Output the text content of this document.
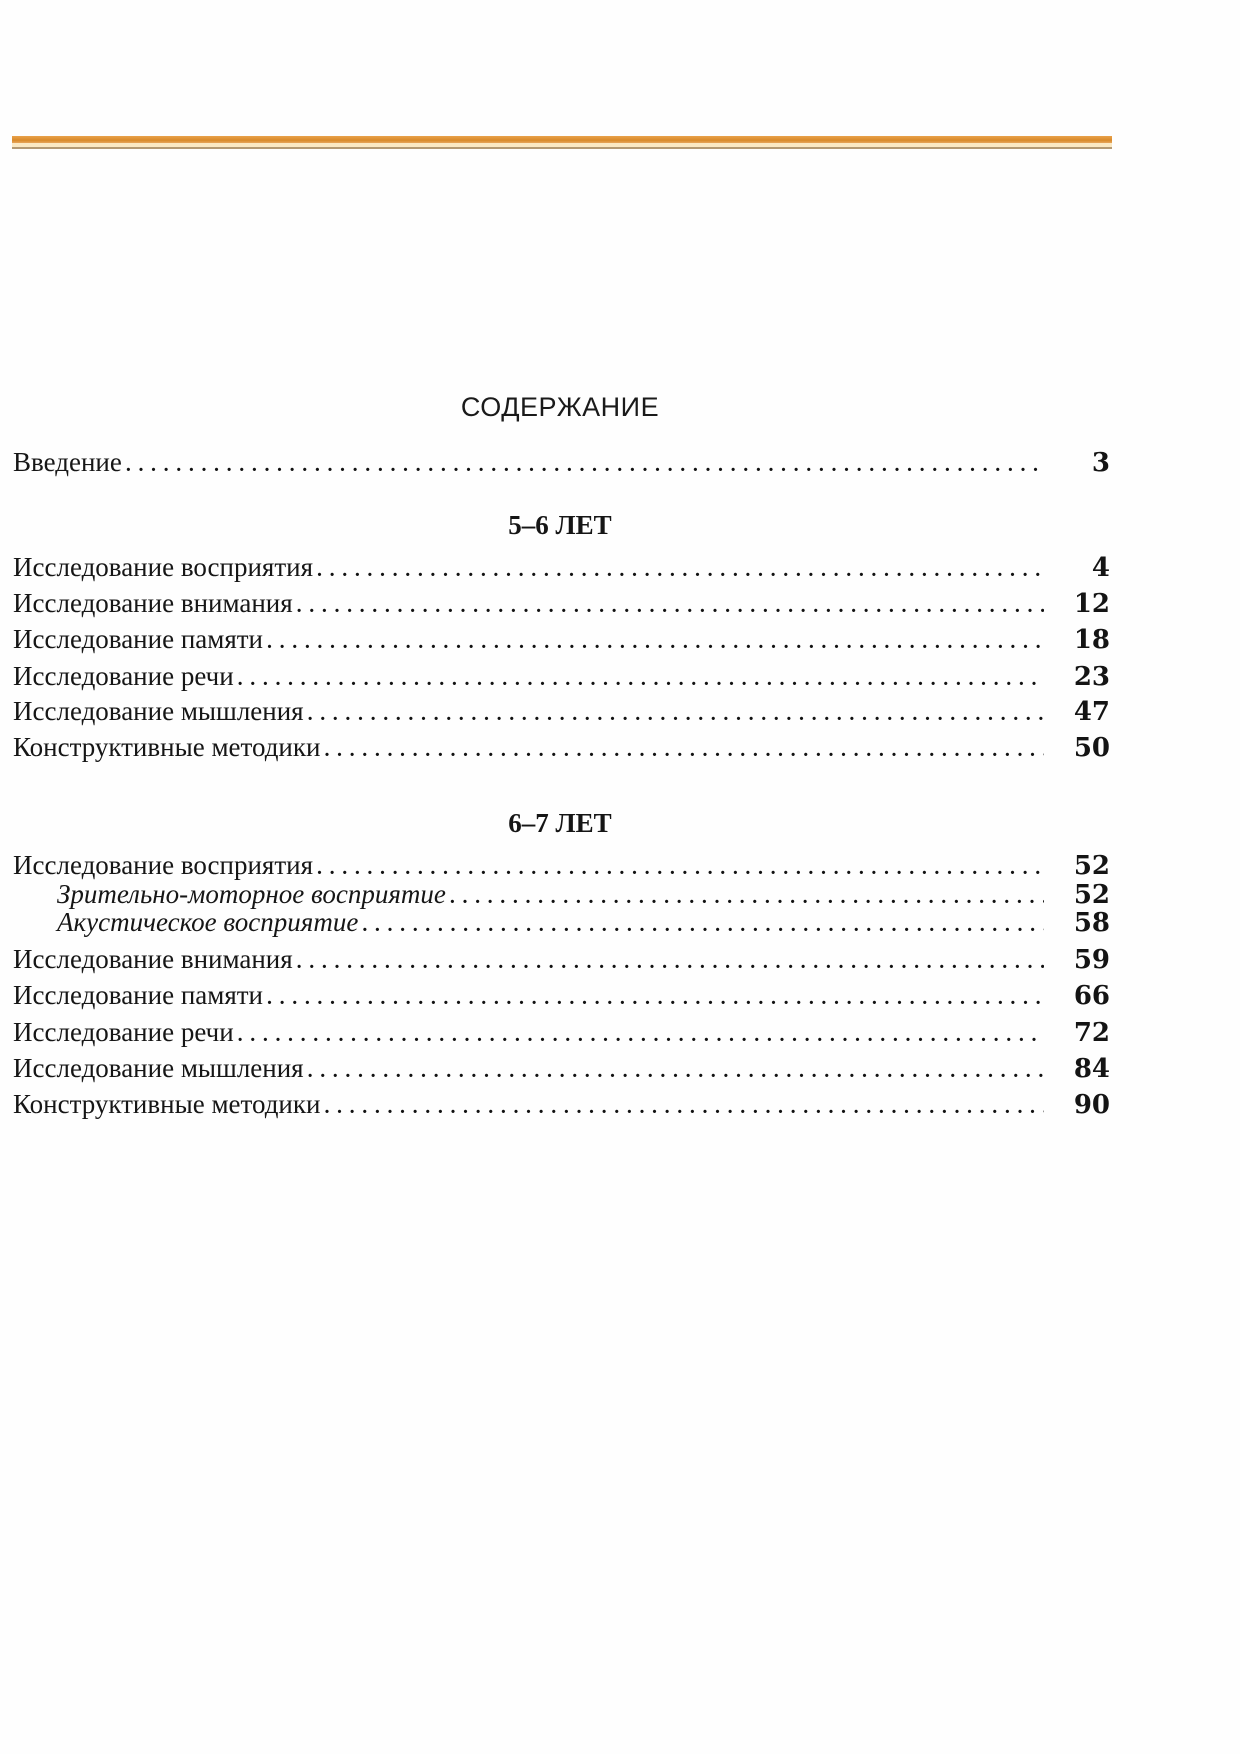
СОДЕРЖАНИЕ
Введение .....	3
5–6 ЛЕТ
Исследование восприятия .....	4
Исследование внимания .....	12
Исследование памяти .....	18
Исследование речи .....	23
Исследование мышления .....	47
Конструктивные методики .....	50
6–7 ЛЕТ
Исследование восприятия .....	52
Зрительно-моторное восприятие .....	52
Акустическое восприятие .....	58
Исследование внимания .....	59
Исследование памяти .....	66
Исследование речи .....	72
Исследование мышления .....	84
Конструктивные методики .....	90
